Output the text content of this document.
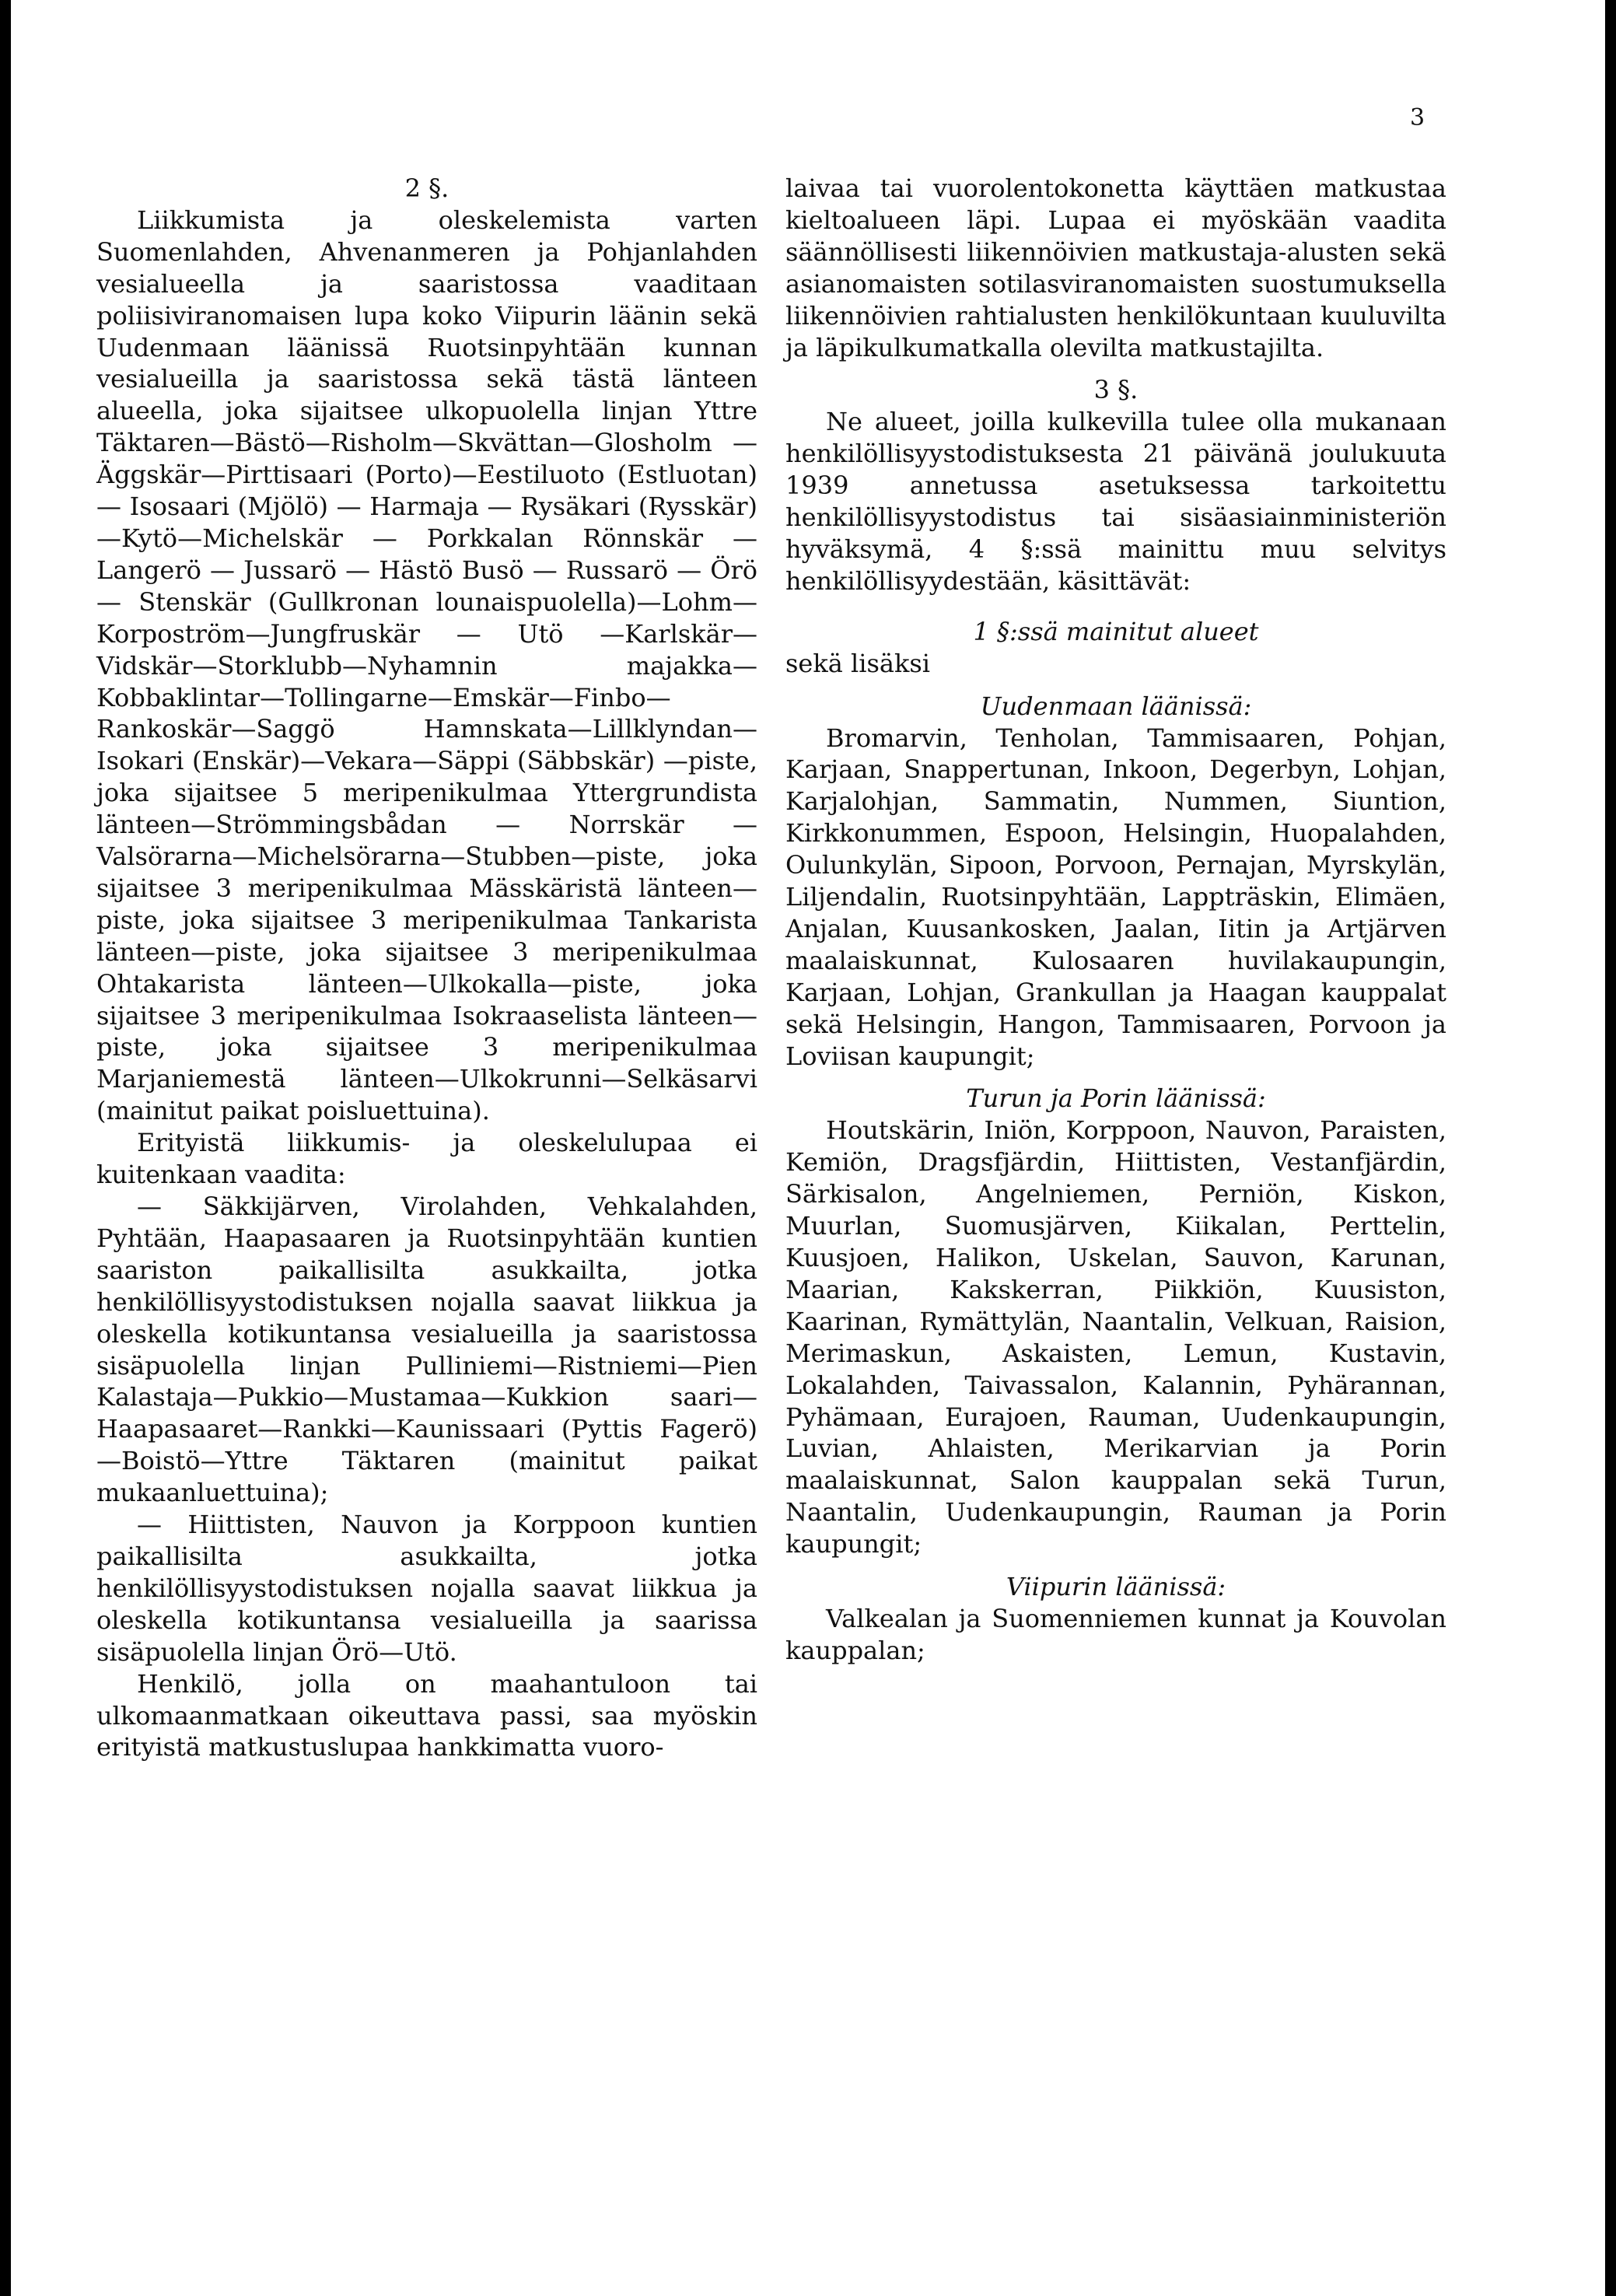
3

2 §.

Liikkumista ja oleskelemista varten Suomenlahden, Ahvenanmeren ja Pohjanlahden vesialueella ja saaristossa vaaditaan poliisiviranomaisen lupa koko Viipurin läänin sekä Uudenmaan läänissä Ruotsinpyhtään kunnan vesialueilla ja saaristossa sekä tästä länteen alueella, joka sijaitsee ulkopuolella linjan Yttre Täktaren—Bästö—Risholm—Skvättan—Glosholm — Äggskär—Pirttisaari (Porto)—Eestiluoto (Estluotan) — Isosaari (Mjölö) — Harmaja — Rysäkari (Rysskär)—Kytö—Michelskär — Porkkalan Rönnskär — Langerö — Jussarö — Hästö Busö — Russarö — Örö — Stenskär (Gullkronan lounaispuolella)—Lohm—Korpoström—Jungfruskär — Utö —Karlskär—Vidskär—Storklubb—Nyhamnin majakka—Kobbaklintar—Tollingarne—Emskär—Finbo—Rankoskär—Saggö Hamnskata—Lillklyndan—Isokari (Enskär)—Vekara—Säppi (Säbbskär) —piste, joka sijaitsee 5 meripenikulmaa Yttergrundista länteen—Strömmingsbådan — Norrskär — Valsörarna—Michelsörarna—Stubben—piste, joka sijaitsee 3 meripenikulmaa Mässkäristä länteen—piste, joka sijaitsee 3 meripenikulmaa Tankarista länteen—piste, joka sijaitsee 3 meripenikulmaa Ohtakarista länteen—Ulkokalla—piste, joka sijaitsee 3 meripenikulmaa Isokraaselista länteen—piste, joka sijaitsee 3 meripenikulmaa Marjaniemestä länteen—Ulkokrunni—Selkäsarvi (mainitut paikat poisluettuina).

Erityistä liikkumis- ja oleskelulupaa ei kuitenkaan vaadita:

— Säkkijärven, Virolahden, Vehkalahden, Pyhtään, Haapasaaren ja Ruotsinpyhtään kuntien saariston paikallisilta asukkailta, jotka henkilöllisyystodistuksen nojalla saavat liikkua ja oleskella kotikuntansa vesialueilla ja saaristossa sisäpuolella linjan Pulliniemi—Ristniemi—Pien Kalastaja—Pukkio—Mustamaa—Kukkion saari—Haapasaaret—Rankki—Kaunissaari (Pyttis Fagerö)—Boistö—Yttre Täktaren (mainitut paikat mukaanluettuina);

— Hiittisten, Nauvon ja Korppoon kuntien paikallisilta asukkailta, jotka henkilöllisyystodistuksen nojalla saavat liikkua ja oleskella kotikuntansa vesialueilla ja saarissa sisäpuolella linjan Örö—Utö.

Henkilö, jolla on maahantuloon tai ulkomaanmatkaan oikeuttava passi, saa myöskin erityistä matkustuslupaa hankkimatta vuoro-

laivaa tai vuorolentokonetta käyttäen matkustaa kieltoalueen läpi. Lupaa ei myöskään vaadita säännöllisesti liikennöivien matkustaja-alusten sekä asianomaisten sotilasviranomaisten suostumuksella liikennöivien rahtialusten henkilökuntaan kuuluvilta ja läpikulkumatkalla olevilta matkustajilta.

3 §.

Ne alueet, joilla kulkevilla tulee olla mukanaan henkilöllisyystodistuksesta 21 päivänä joulukuuta 1939 annetussa asetuksessa tarkoitettu henkilöllisyystodistus tai sisäasiainministeriön hyväksymä, 4 §:ssä mainittu muu selvitys henkilöllisyydestään, käsittävät:

1 §:ssä mainitut alueet

sekä lisäksi

Uudenmaan läänissä:

Bromarvin, Tenholan, Tammisaaren, Pohjan, Karjaan, Snappertunan, Inkoon, Degerbyn, Lohjan, Karjalohjan, Sammatin, Nummen, Siuntion, Kirkkonummen, Espoon, Helsingin, Huopalahden, Oulunkylän, Sipoon, Porvoon, Pernajan, Myrskylän, Liljendalin, Ruotsinpyhtään, Lappträskin, Elimäen, Anjalan, Kuusankosken, Jaalan, Iitin ja Artjärven maalaiskunnat, Kulosaaren huvilakaupungin, Karjaan, Lohjan, Grankullan ja Haagan kauppalat sekä Helsingin, Hangon, Tammisaaren, Porvoon ja Loviisan kaupungit;

Turun ja Porin läänissä:

Houtskärin, Iniön, Korppoon, Nauvon, Paraisten, Kemiön, Dragsfjärdin, Hiittisten, Vestanfjärdin, Särkisalon, Angelniemen, Perniön, Kiskon, Muurlan, Suomusjärven, Kiikalan, Perttelin, Kuusjoen, Halikon, Uskelan, Sauvon, Karunan, Maarian, Kakskerran, Piikkiön, Kuusiston, Kaarinan, Rymättylän, Naantalin, Velkuan, Raision, Merimaskun, Askaisten, Lemun, Kustavin, Lokalahden, Taivassalon, Kalannin, Pyhärannan, Pyhämaan, Eurajoen, Rauman, Uudenkaupungin, Luvian, Ahlaisten, Merikarvian ja Porin maalaiskunnat, Salon kauppalan sekä Turun, Naantalin, Uudenkaupungin, Rauman ja Porin kaupungit;

Viipurin läänissä:

Valkealan ja Suomenniemen kunnat ja Kouvolan kauppalan;
